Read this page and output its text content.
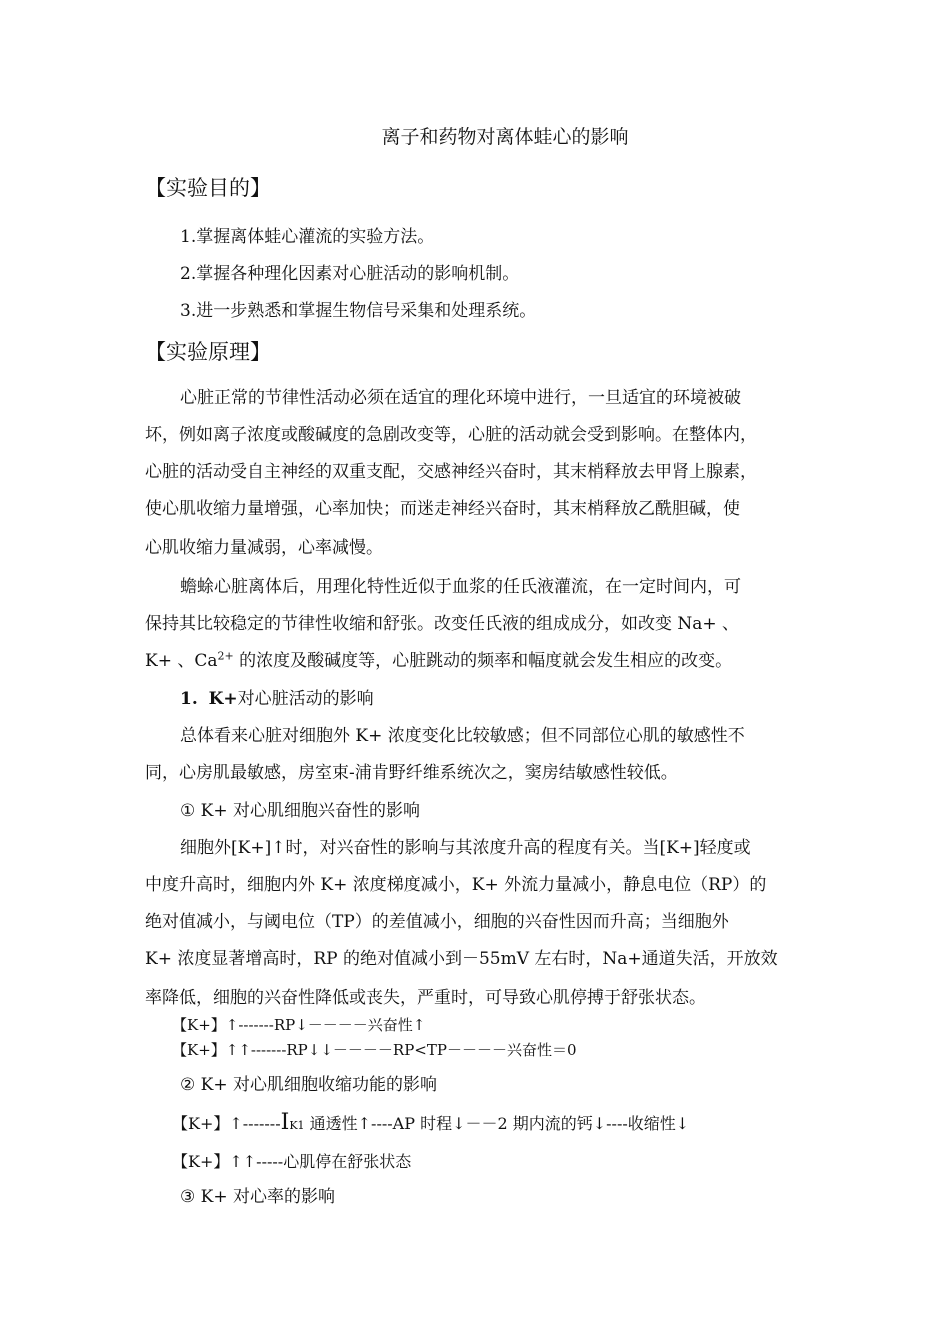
离子和药物对离体蛙心的影响
【实验目的】
1.掌握离体蛙心灌流的实验方法。
2.掌握各种理化因素对心脏活动的影响机制。
3.进一步熟悉和掌握生物信号采集和处理系统。
【实验原理】
心脏正常的节律性活动必须在适宜的理化环境中进行，一旦适宜的环境被破
坏，例如离子浓度或酸碱度的急剧改变等，心脏的活动就会受到影响。在整体内，
心脏的活动受自主神经的双重支配，交感神经兴奋时，其末梢释放去甲肾上腺素，
使心肌收缩力量增强，心率加快；而迷走神经兴奋时，其末梢释放乙酰胆碱，使
心肌收缩力量减弱，心率减慢。
蟾蜍心脏离体后，用理化特性近似于血浆的任氏液灌流，在一定时间内，可
保持其比较稳定的节律性收缩和舒张。改变任氏液的组成成分，如改变 Na+ 、
K+ 、$Ca^{2+}$ 的浓度及酸碱度等，心脏跳动的频率和幅度就会发生相应的改变。
1. K+对心脏活动的影响
总体看来心脏对细胞外 K+ 浓度变化比较敏感；但不同部位心肌的敏感性不
同，心房肌最敏感，房室束-浦肯野纤维系统次之，窦房结敏感性较低。
① K+ 对心肌细胞兴奋性的影响
细胞外[K+]↑时，对兴奋性的影响与其浓度升高的程度有关。当[K+]轻度或
中度升高时，细胞内外 K+ 浓度梯度减小，K+ 外流力量减小，静息电位（RP）的
绝对值减小，与阈电位（TP）的差值减小，细胞的兴奋性因而升高；当细胞外
K+ 浓度显著增高时，RP 的绝对值减小到－55mV 左右时，Na+通道失活，开放效
率降低，细胞的兴奋性降低或丧失，严重时，可导致心肌停搏于舒张状态。
【K+】↑-------RP↓－－－－兴奋性↑
【K+】↑↑-------RP↓↓－－－－RP<TP－－－－兴奋性＝0
② K+ 对心肌细胞收缩功能的影响
【K+】↑-------IK1 通透性↑----AP 时程↓－－2 期内流的钙↓----收缩性↓
【K+】↑↑-----心肌停在舒张状态
③ K+ 对心率的影响
